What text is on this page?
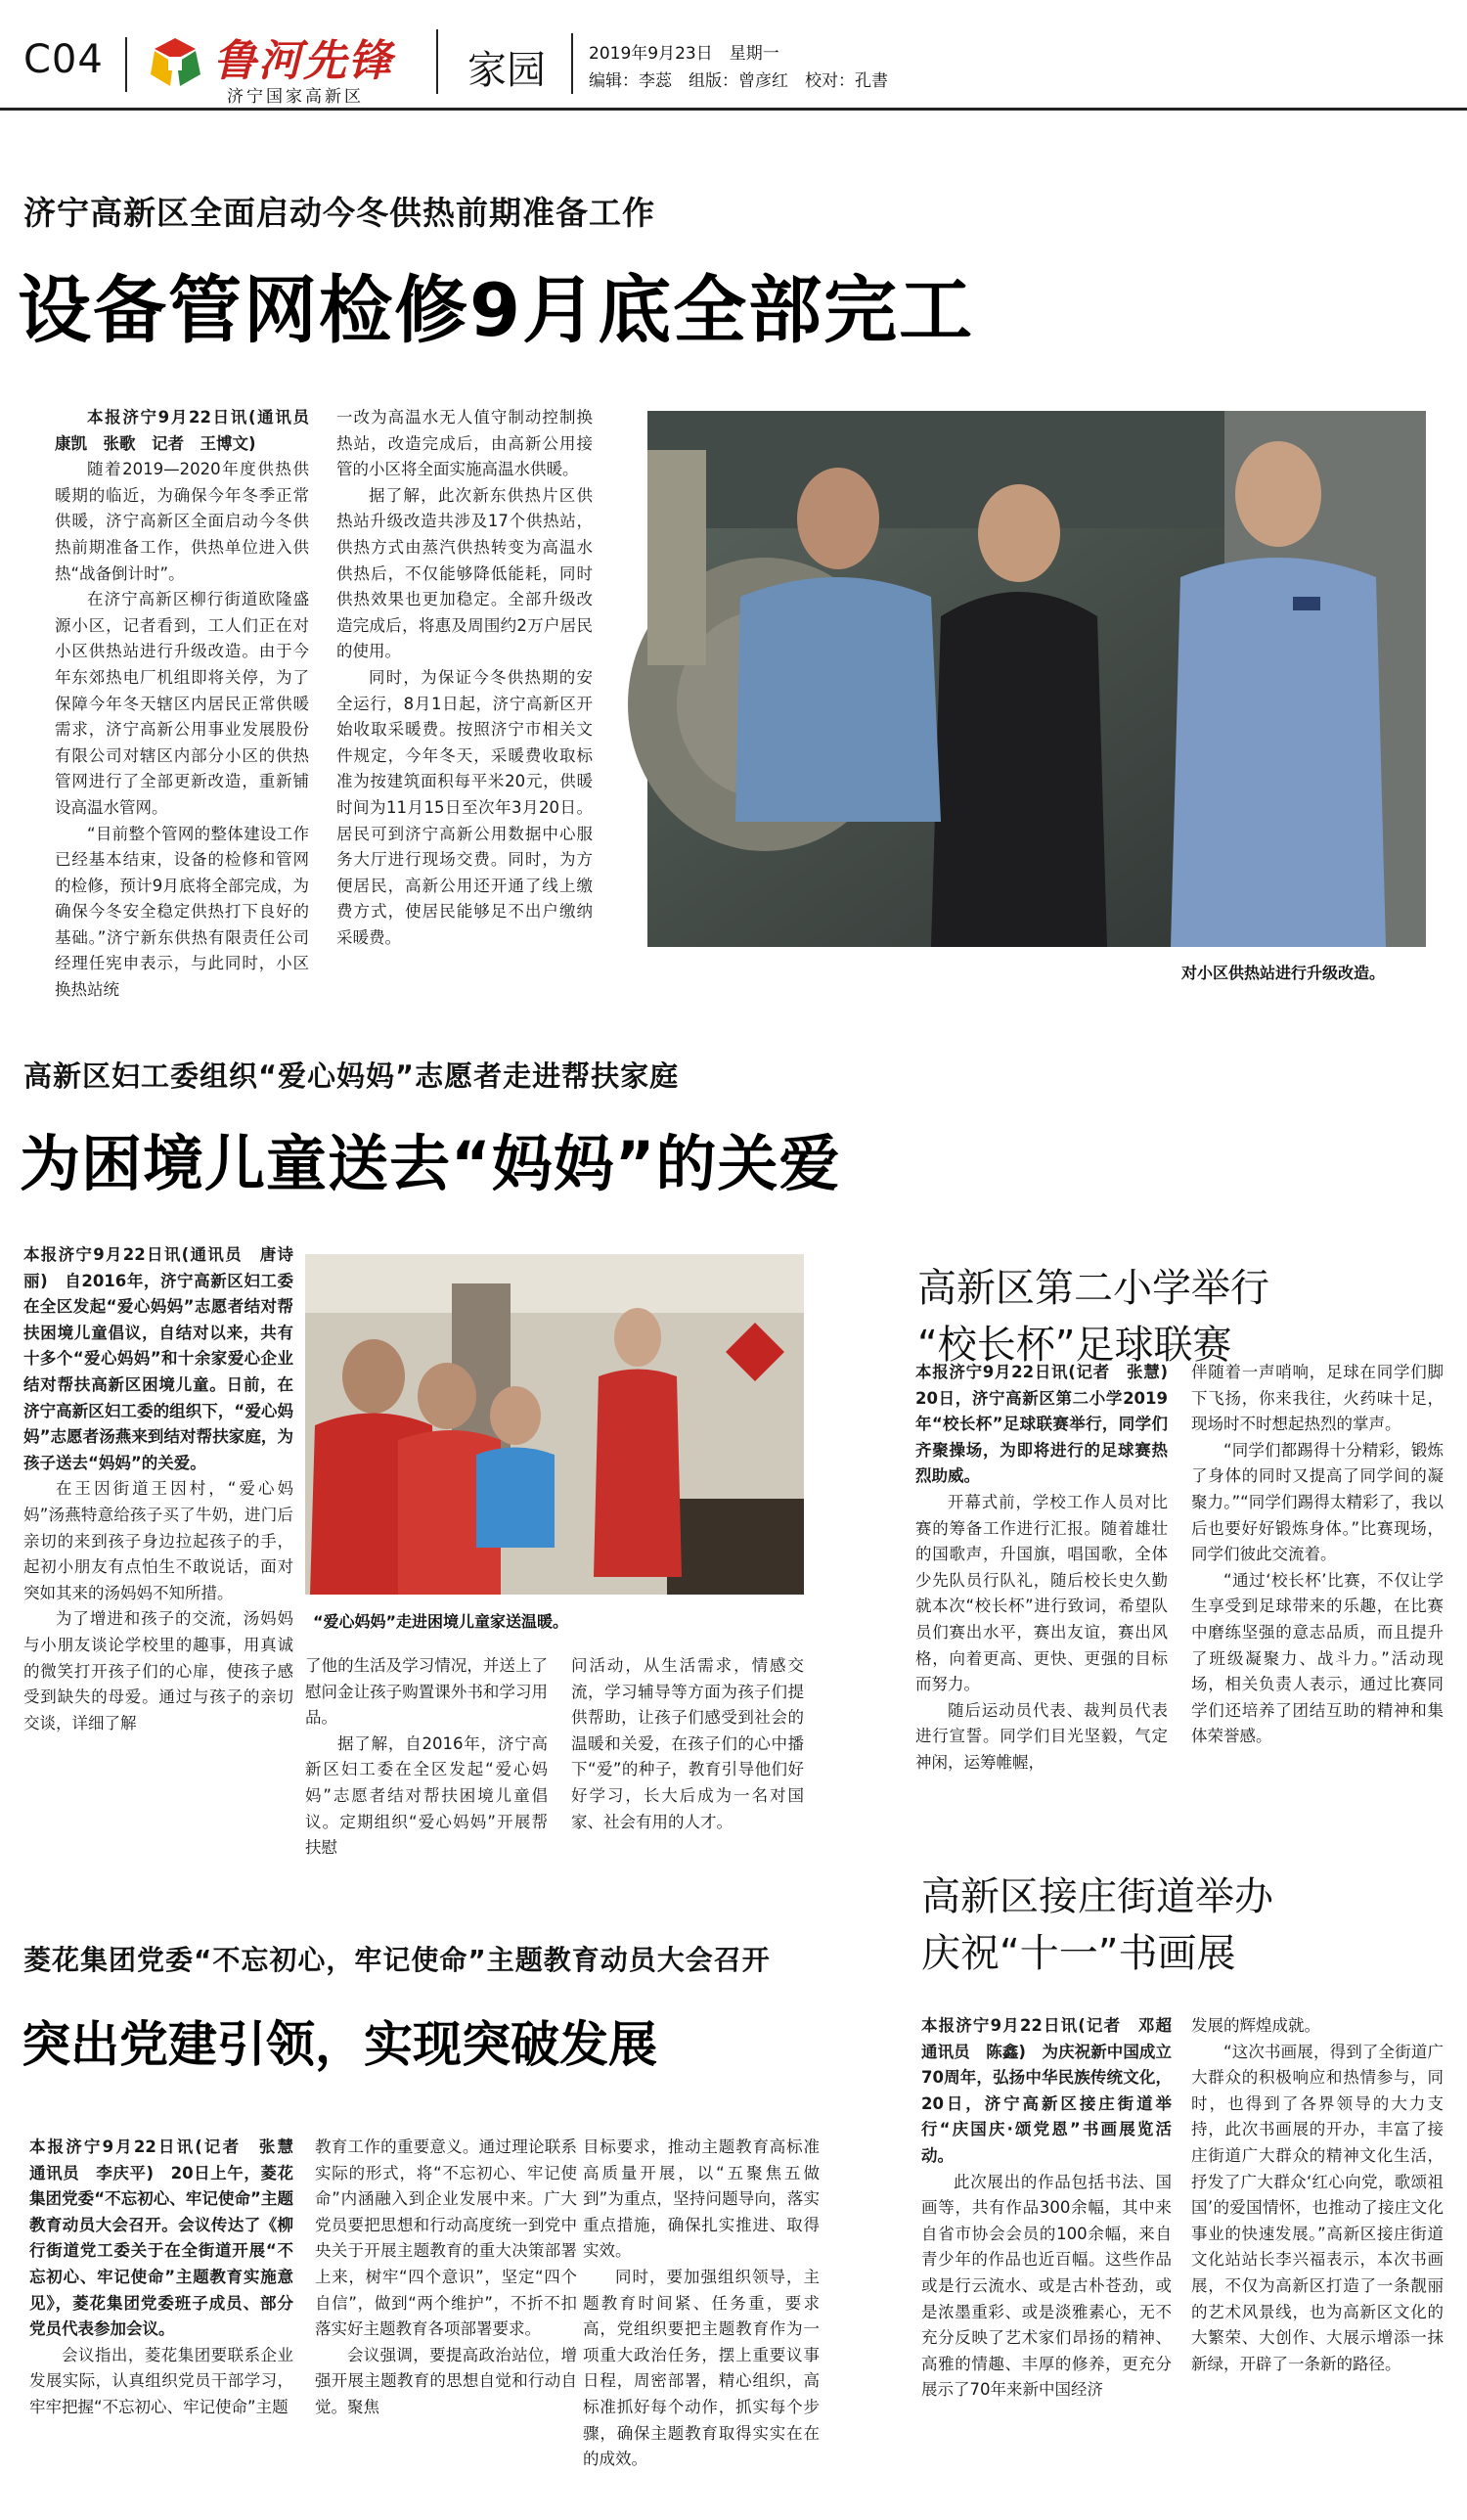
C04	鲁河先锋
济宁国家高新区
家园	2019年9月23日　星期一
编辑：李蕊　组版：曾彦红　校对：孔書
济宁高新区全面启动今冬供热前期准备工作
设备管网检修9月底全部完工

本报济宁9月22日讯(通讯员　康凯　张歌　记者　王博文)

随着2019—2020年度供热供暖期的临近，为确保今年冬季正常供暖，济宁高新区全面启动今冬供热前期准备工作，供热单位进入供热“战备倒计时”。

在济宁高新区柳行街道欧隆盛源小区，记者看到，工人们正在对小区供热站进行升级改造。由于今年东郊热电厂机组即将关停，为了保障今年冬天辖区内居民正常供暖需求，济宁高新公用事业发展股份有限公司对辖区内部分小区的供热管网进行了全部更新改造，重新铺设高温水管网。

“目前整个管网的整体建设工作已经基本结束，设备的检修和管网的检修，预计9月底将全部完成，为确保今冬安全稳定供热打下良好的基础。”济宁新东供热有限责任公司经理任宪申表示，与此同时，小区换热站统

一改为高温水无人值守制动控制换热站，改造完成后，由高新公用接管的小区将全面实施高温水供暖。

据了解，此次新东供热片区供热站升级改造共涉及17个供热站，供热方式由蒸汽供热转变为高温水供热后，不仅能够降低能耗，同时供热效果也更加稳定。全部升级改造完成后，将惠及周围约2万户居民的使用。

同时，为保证今冬供热期的安全运行，8月1日起，济宁高新区开始收取采暖费。按照济宁市相关文件规定，今年冬天，采暖费收取标准为按建筑面积每平米20元，供暖时间为11月15日至次年3月20日。居民可到济宁高新公用数据中心服务大厅进行现场交费。同时，为方便居民，高新公用还开通了线上缴费方式，使居民能够足不出户缴纳采暖费。

对小区供热站进行升级改造。
高新区妇工委组织“爱心妈妈”志愿者走进帮扶家庭
为困境儿童送去“妈妈”的关爱

本报济宁9月22日讯(通讯员　唐诗丽)　自2016年，济宁高新区妇工委在全区发起“爱心妈妈”志愿者结对帮扶困境儿童倡议，自结对以来，共有十多个“爱心妈妈”和十余家爱心企业结对帮扶高新区困境儿童。日前，在济宁高新区妇工委的组织下，“爱心妈妈”志愿者汤燕来到结对帮扶家庭，为孩子送去“妈妈”的关爱。

在王因街道王因村，“爱心妈妈”汤燕特意给孩子买了牛奶，进门后亲切的来到孩子身边拉起孩子的手，起初小朋友有点怕生不敢说话，面对突如其来的汤妈妈不知所措。

为了增进和孩子的交流，汤妈妈与小朋友谈论学校里的趣事，用真诚的微笑打开孩子们的心扉，使孩子感受到缺失的母爱。通过与孩子的亲切交谈，详细了解

“爱心妈妈”走进困境儿童家送温暖。

了他的生活及学习情况，并送上了慰问金让孩子购置课外书和学习用品。

据了解，自2016年，济宁高新区妇工委在全区发起“爱心妈妈”志愿者结对帮扶困境儿童倡议。定期组织“爱心妈妈”开展帮扶慰

问活动，从生活需求，情感交流，学习辅导等方面为孩子们提供帮助，让孩子们感受到社会的温暖和关爱，在孩子们的心中播下“爱”的种子，教育引导他们好好学习，长大后成为一名对国家、社会有用的人才。

高新区第二小学举行
“校长杯”足球联赛

本报济宁9月22日讯(记者　张慧)　20日，济宁高新区第二小学2019年“校长杯”足球联赛举行，同学们齐聚操场，为即将进行的足球赛热烈助威。

开幕式前，学校工作人员对比赛的筹备工作进行汇报。随着雄壮的国歌声，升国旗，唱国歌，全体少先队员行队礼，随后校长史久勤就本次“校长杯”进行致词，希望队员们赛出水平，赛出友谊，赛出风格，向着更高、更快、更强的目标而努力。

随后运动员代表、裁判员代表进行宣誓。同学们目光坚毅，气定神闲，运筹帷幄，

伴随着一声哨响，足球在同学们脚下飞扬，你来我往，火药味十足，现场时不时想起热烈的掌声。

“同学们都踢得十分精彩，锻炼了身体的同时又提高了同学间的凝聚力。”“同学们踢得太精彩了，我以后也要好好锻炼身体。”比赛现场，同学们彼此交流着。

“通过‘校长杯’比赛，不仅让学生享受到足球带来的乐趣，在比赛中磨练坚强的意志品质，而且提升了班级凝聚力、战斗力。”活动现场，相关负责人表示，通过比赛同学们还培养了团结互助的精神和集体荣誉感。

菱花集团党委“不忘初心，牢记使命”主题教育动员大会召开
突出党建引领，实现突破发展

本报济宁9月22日讯(记者　张慧　通讯员　李庆平)　20日上午，菱花集团党委“不忘初心、牢记使命”主题教育动员大会召开。会议传达了《柳行街道党工委关于在全街道开展“不忘初心、牢记使命”主题教育实施意见》，菱花集团党委班子成员、部分党员代表参加会议。

会议指出，菱花集团要联系企业发展实际，认真组织党员干部学习，牢牢把握“不忘初心、牢记使命”主题

教育工作的重要意义。通过理论联系实际的形式，将“不忘初心、牢记使命”内涵融入到企业发展中来。广大党员要把思想和行动高度统一到党中央关于开展主题教育的重大决策部署上来，树牢“四个意识”，坚定“四个自信”，做到“两个维护”，不折不扣落实好主题教育各项部署要求。

会议强调，要提高政治站位，增强开展主题教育的思想自觉和行动自觉。聚焦

目标要求，推动主题教育高标准高质量开展，以“五聚焦五做到”为重点，坚持问题导向，落实重点措施，确保扎实推进、取得实效。

同时，要加强组织领导，主题教育时间紧、任务重，要求高，党组织要把主题教育作为一项重大政治任务，摆上重要议事日程，周密部署，精心组织，高标准抓好每个动作，抓实每个步骤，确保主题教育取得实实在在的成效。

高新区接庄街道举办
庆祝“十一”书画展

本报济宁9月22日讯(记者　邓超　通讯员　陈鑫)　为庆祝新中国成立70周年，弘扬中华民族传统文化，20日，济宁高新区接庄街道举行“庆国庆·颂党恩”书画展览活动。

此次展出的作品包括书法、国画等，共有作品300余幅，其中来自省市协会会员的100余幅，来自青少年的作品也近百幅。这些作品或是行云流水、或是古朴苍劲，或是浓墨重彩、或是淡雅素心，无不充分反映了艺术家们昂扬的精神、高雅的情趣、丰厚的修养，更充分展示了70年来新中国经济

发展的辉煌成就。

“这次书画展，得到了全街道广大群众的积极响应和热情参与，同时，也得到了各界领导的大力支持，此次书画展的开办，丰富了接庄街道广大群众的精神文化生活，抒发了广大群众‘红心向党，歌颂祖国’的爱国情怀，也推动了接庄文化事业的快速发展。”高新区接庄街道文化站站长李兴福表示，本次书画展，不仅为高新区打造了一条靓丽的艺术风景线，也为高新区文化的大繁荣、大创作、大展示增添一抹新绿，开辟了一条新的路径。
